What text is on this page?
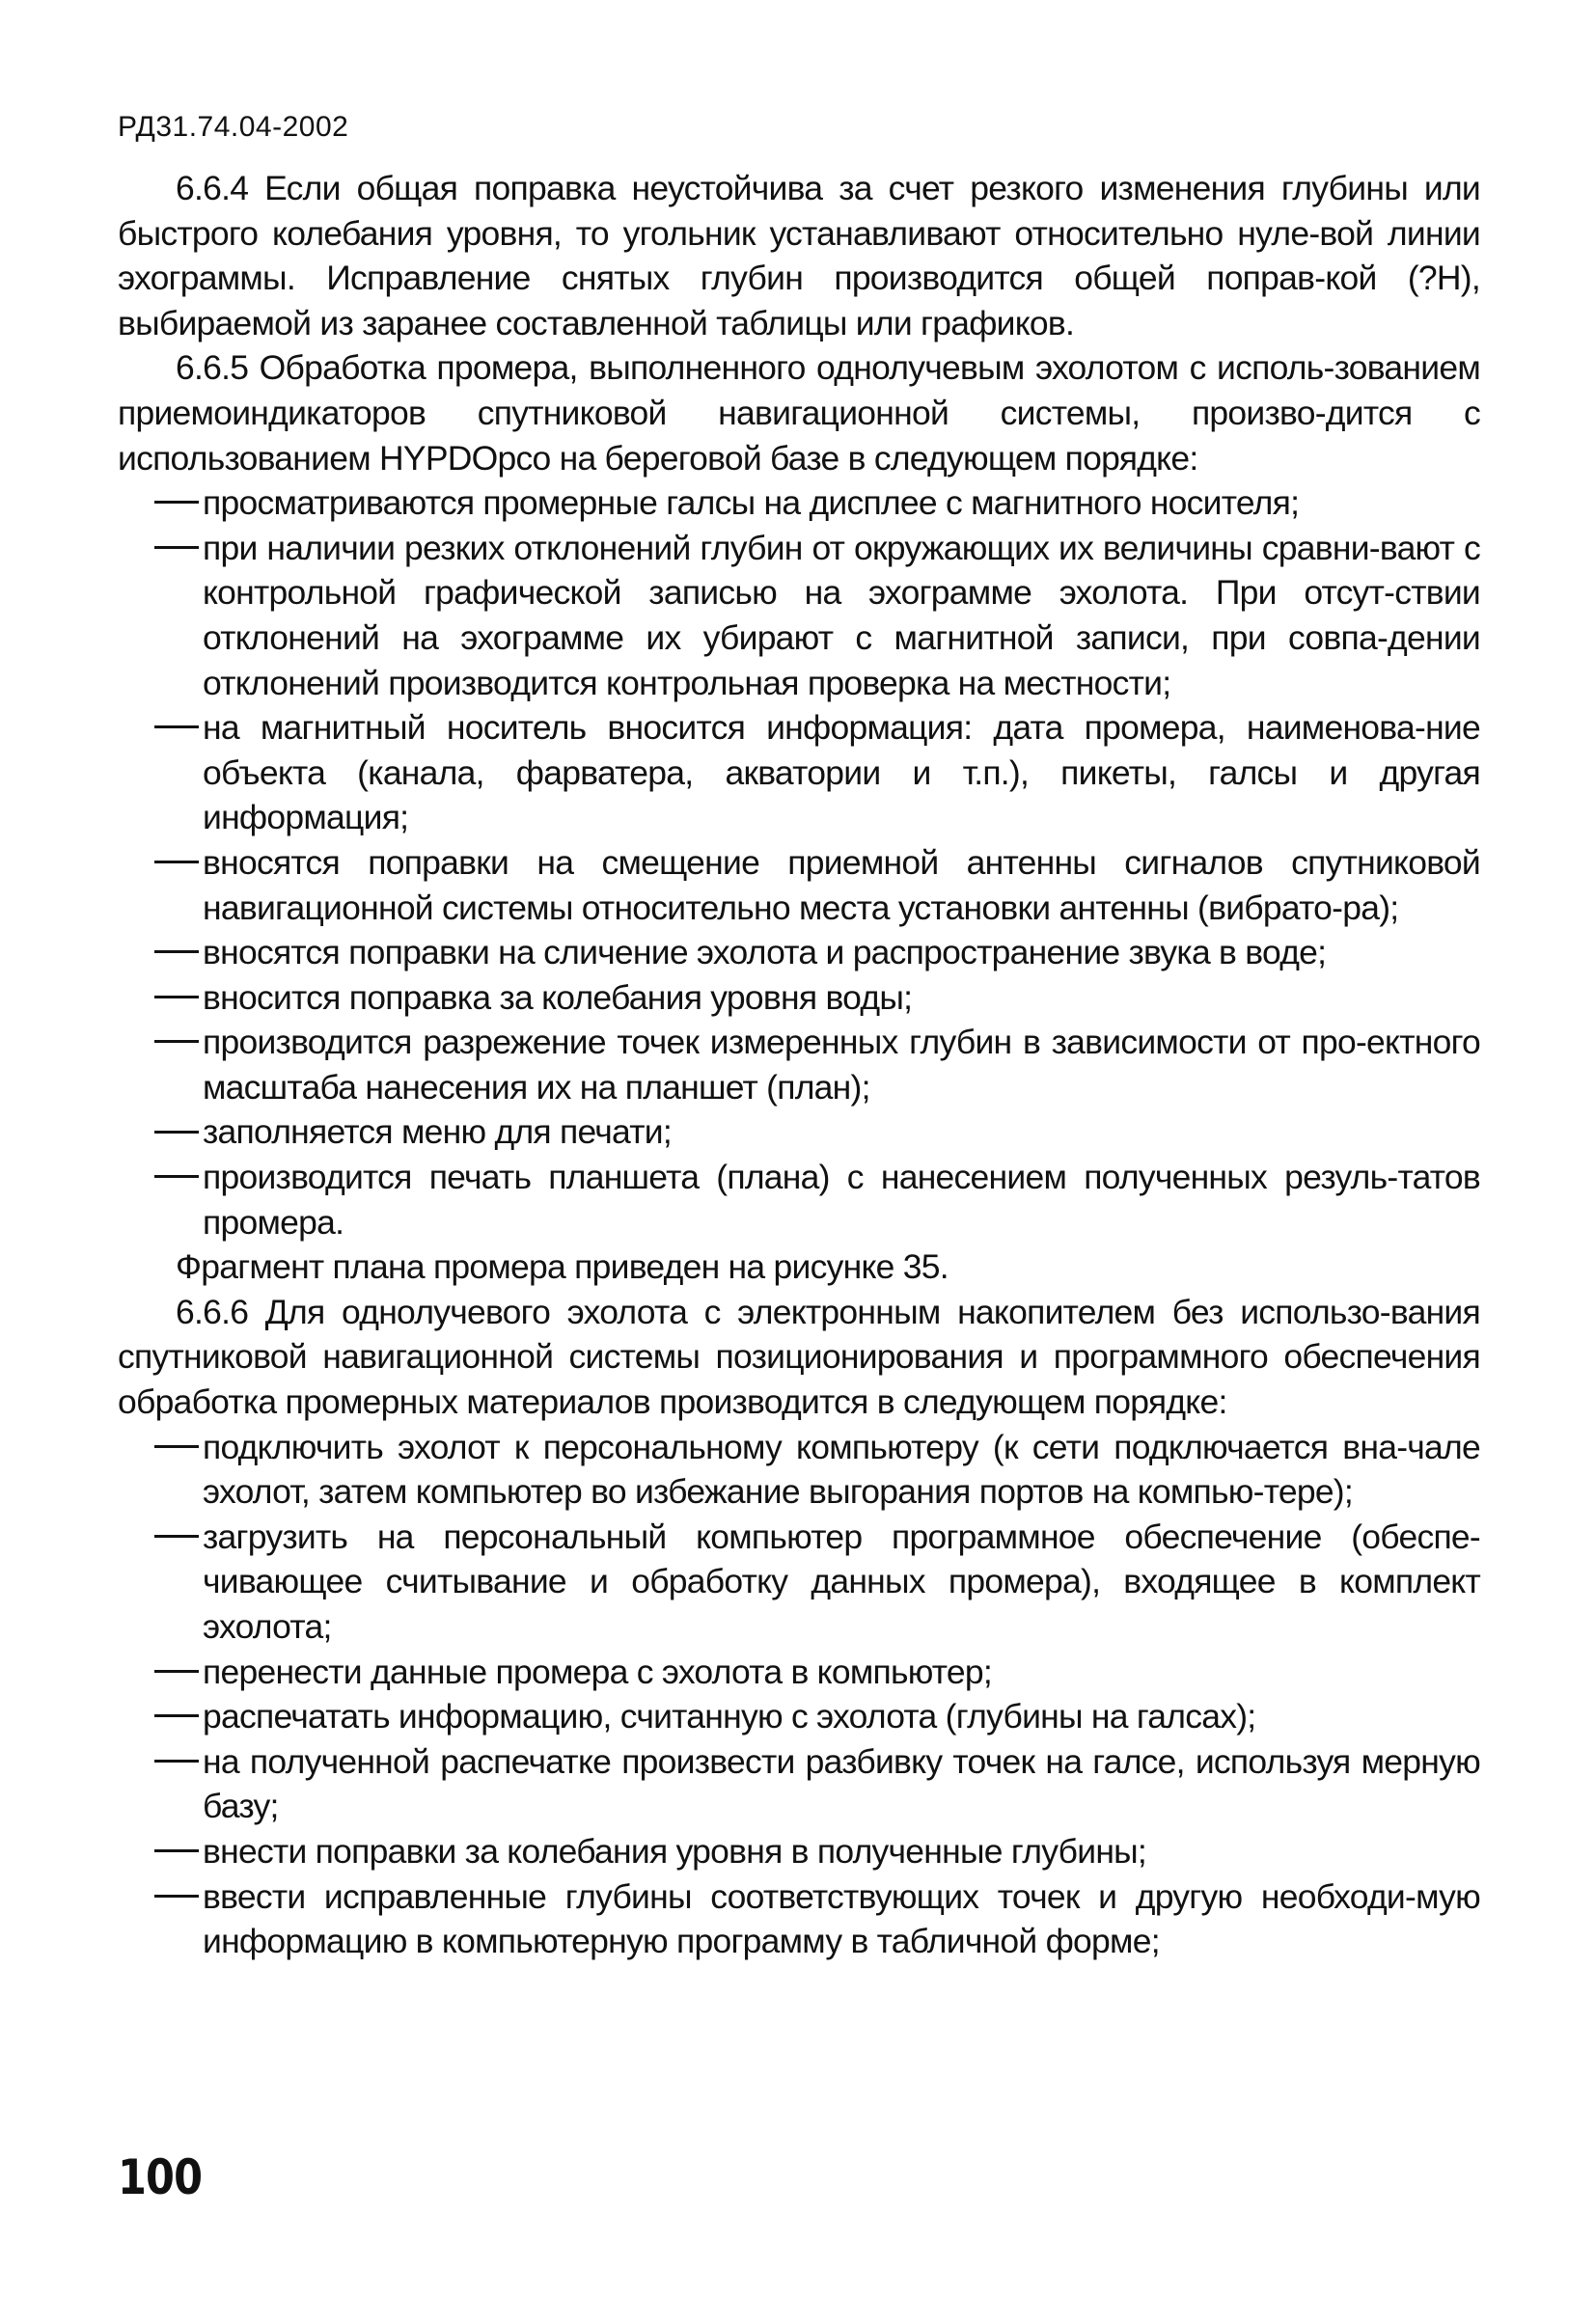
РД31.74.04-2002

6.6.4 Если общая поправка неустойчива за счет резкого изменения глубины или быстрого колебания уровня, то угольник устанавливают относительно нуле-вой линии эхограммы. Исправление снятых глубин производится общей поправ-кой (?Н), выбираемой из заранее составленной таблицы или графиков.

6.6.5 Обработка промера, выполненного однолучевым эхолотом с исполь-зованием приемоиндикаторов спутниковой навигационной системы, произво-дится с использованием HYPDOpco на береговой базе в следующем порядке:

просматриваются промерные галсы на дисплее с магнитного носителя;
при наличии резких отклонений глубин от окружающих их величины сравни-вают с контрольной графической записью на эхограмме эхолота. При отсут-ствии отклонений на эхограмме их убирают с магнитной записи, при совпа-дении отклонений производится контрольная проверка на местности;
на магнитный носитель вносится информация: дата промера, наименова-ние объекта (канала, фарватера, акватории и т.п.), пикеты, галсы и другая информация;
вносятся поправки на смещение приемной антенны сигналов спутниковой навигационной системы относительно места установки антенны (вибрато-ра);
вносятся поправки на сличение эхолота и распространение звука в воде;
вносится поправка за колебания уровня воды;
производится разрежение точек измеренных глубин в зависимости от про-ектного масштаба нанесения их на планшет (план);
заполняется меню для печати;
производится печать планшета (плана) с нанесением полученных резуль-татов промера.

Фрагмент плана промера приведен на рисунке 35.

6.6.6 Для однолучевого эхолота с электронным накопителем без использо-вания спутниковой навигационной системы позиционирования и программного обеспечения обработка промерных материалов производится в следующем порядке:

подключить эхолот к персональному компьютеру (к сети подключается вна-чале эхолот, затем компьютер во избежание выгорания портов на компью-тере);
загрузить на персональный компьютер программное обеспечение (обеспе-чивающее считывание и обработку данных промера), входящее в комплект эхолота;
перенести данные промера с эхолота в компьютер;
распечатать информацию, считанную с эхолота (глубины на галсах);
на полученной распечатке произвести разбивку точек на галсе, используя мерную базу;
внести поправки за колебания уровня в полученные глубины;
ввести исправленные глубины соответствующих точек и другую необходи-мую информацию в компьютерную программу в табличной форме;
100
